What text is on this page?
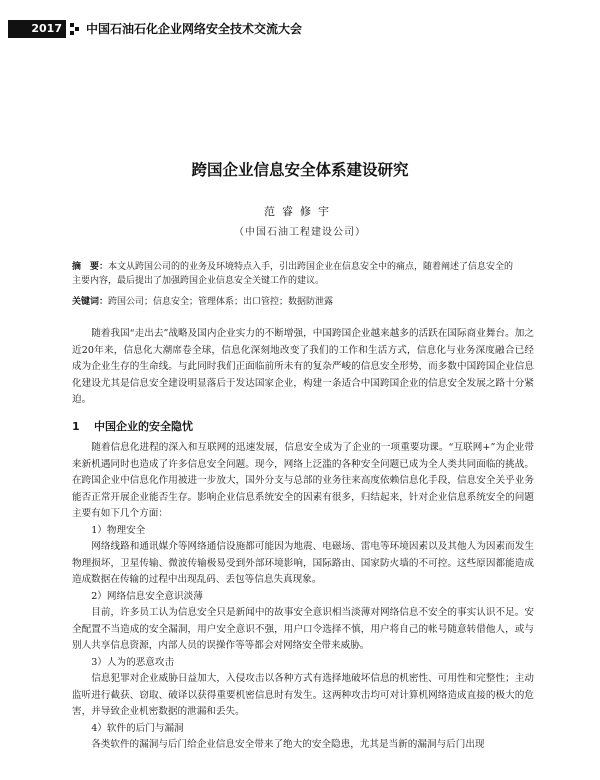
2017	中国石油石化企业网络安全技术交流大会
跨国企业信息安全体系建设研究
范睿修宇
（中国石油工程建设公司）

摘　要：本文从跨国公司的的业务及环境特点入手，引出跨国企业在信息安全中的痛点，随着阐述了信息安全的主要内容，最后提出了加强跨国企业信息安全关键工作的建议。

关键词：跨国公司；信息安全；管理体系；出口管控；数据防泄露

随着我国“走出去”战略及国内企业实力的不断增强，中国跨国企业越来越多的活跃在国际商业舞台。加之近20年来，信息化大潮席卷全球，信息化深刻地改变了我们的工作和生活方式，信息化与业务深度融合已经成为企业生存的生命线。与此同时我们正面临前所未有的复杂严峻的信息安全形势，而多数中国跨国企业信息化建设尤其是信息安全建设明显落后于发达国家企业，构建一条适合中国跨国企业的信息安全发展之路十分紧迫。

1 中国企业的安全隐忧

随着信息化进程的深入和互联网的迅速发展，信息安全成为了企业的一项重要功课。“互联网+”为企业带来新机遇同时也造成了许多信息安全问题。现今，网络上泛滥的各种安全问题已成为全人类共同面临的挑战。在跨国企业中信息化作用被进一步放大，国外分支与总部的业务往来高度依赖信息化手段，信息安全关乎业务能否正常开展企业能否生存。影响企业信息系统安全的因素有很多，归结起来，针对企业信息系统安全的问题主要有如下几个方面：

1）物理安全

网络线路和通讯媒介等网络通信设施都可能因为地震、电磁场、雷电等环境因素以及其他人为因素而发生物理损坏，卫星传输、微波传输极易受到外部环境影响，国际路由、国家防火墙的不可控。这些原因都能造成造成数据在传输的过程中出现乱码、丢包等信息失真现象。

2）网络信息安全意识淡薄

目前，许多员工认为信息安全只是新闻中的故事安全意识相当淡薄对网络信息不安全的事实认识不足。安全配置不当造成的安全漏洞，用户安全意识不强，用户口令选择不慎，用户将自己的帐号随意转借他人，或与别人共享信息资源，内部人员的误操作等等都会对网络安全带来威胁。

3）人为的恶意攻击

信息犯罪对企业威胁日益加大，入侵攻击以各种方式有选择地破坏信息的机密性、可用性和完整性；主动监听进行截获、窃取、破译以获得重要机密信息时有发生。这两种攻击均可对计算机网络造成直接的极大的危害，并导致企业机密数据的泄漏和丢失。

4）软件的后门与漏洞

各类软件的漏洞与后门给企业信息安全带来了绝大的安全隐患，尤其是当新的漏洞与后门出现
